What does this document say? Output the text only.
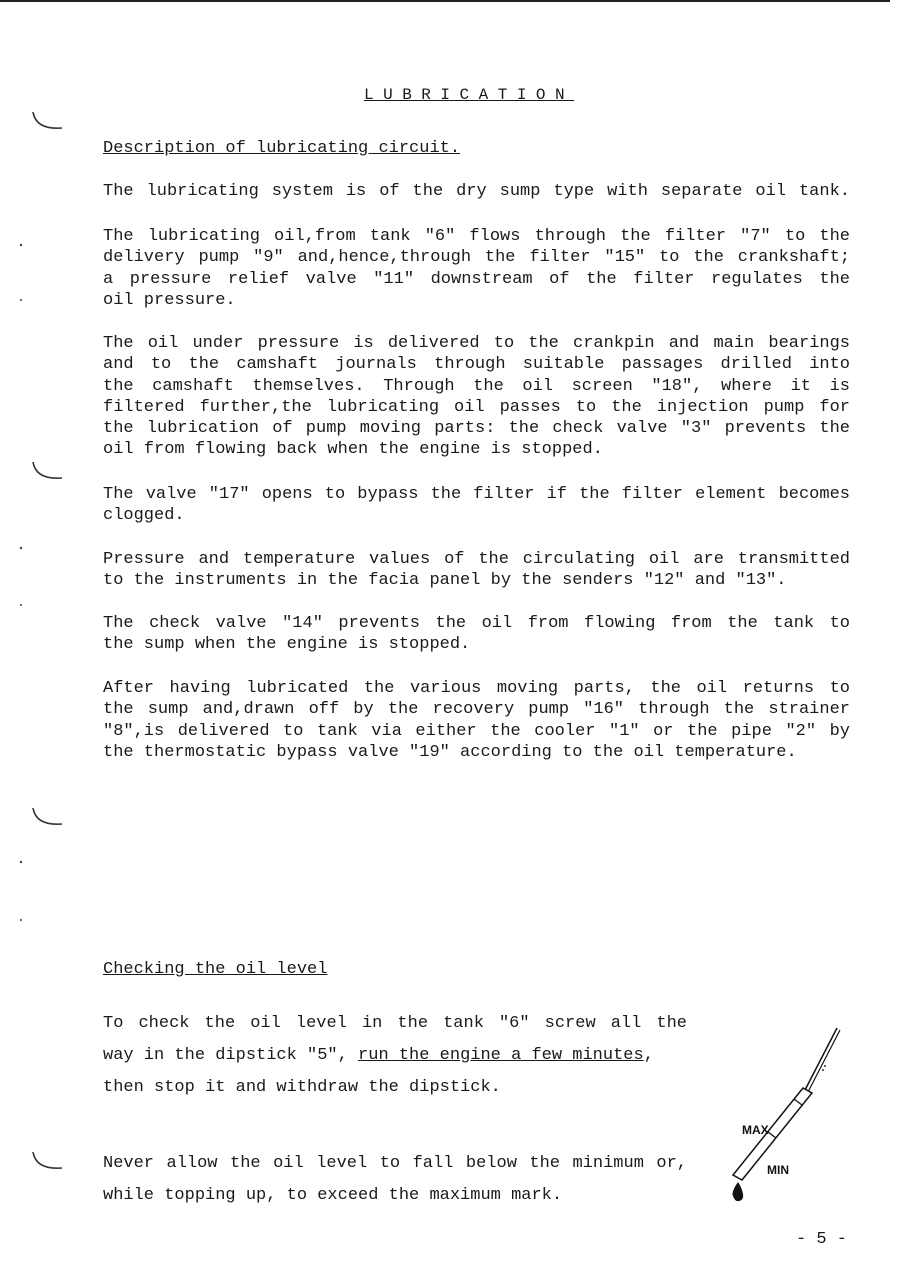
LUBRICATION
Description of lubricating circuit.
The lubricating system is of the dry sump type with separate oil tank.
The lubricating oil,from tank "6" flows through the filter "7" to the
delivery pump "9" and,hence,through the filter "15" to the crankshaft;
a pressure relief valve "11" downstream of the filter regulates the
oil pressure.
The oil under pressure is delivered to the crankpin and main bearings
and to the camshaft journals through suitable passages drilled into
the camshaft themselves. Through the oil screen "18", where it is
filtered further,the lubricating oil passes to the injection pump for
the lubrication of pump moving parts: the check valve "3" prevents the
oil from flowing back when the engine is stopped.
The valve "17" opens to bypass the filter if the filter element becomes
clogged.
Pressure and temperature values of the circulating oil are transmitted
to the instruments in the facia panel by the senders "12" and "13".
The check valve "14" prevents the oil from flowing from the tank to
the sump when the engine is stopped.
After having lubricated the various moving parts, the oil returns to
the sump and,drawn off by the recovery pump "16" through the strainer
"8",is delivered to tank via either the cooler "1" or the pipe "2" by
the thermostatic bypass valve "19" according to the oil temperature.
Checking the oil level
To check the oil level in the tank "6" screw all the
way in the dipstick "5", run the engine a few minutes,
then stop it and withdraw the dipstick.
Never allow the oil level to fall below the minimum or,
while topping up, to exceed the maximum mark.
MAX
MIN
- 5 -
